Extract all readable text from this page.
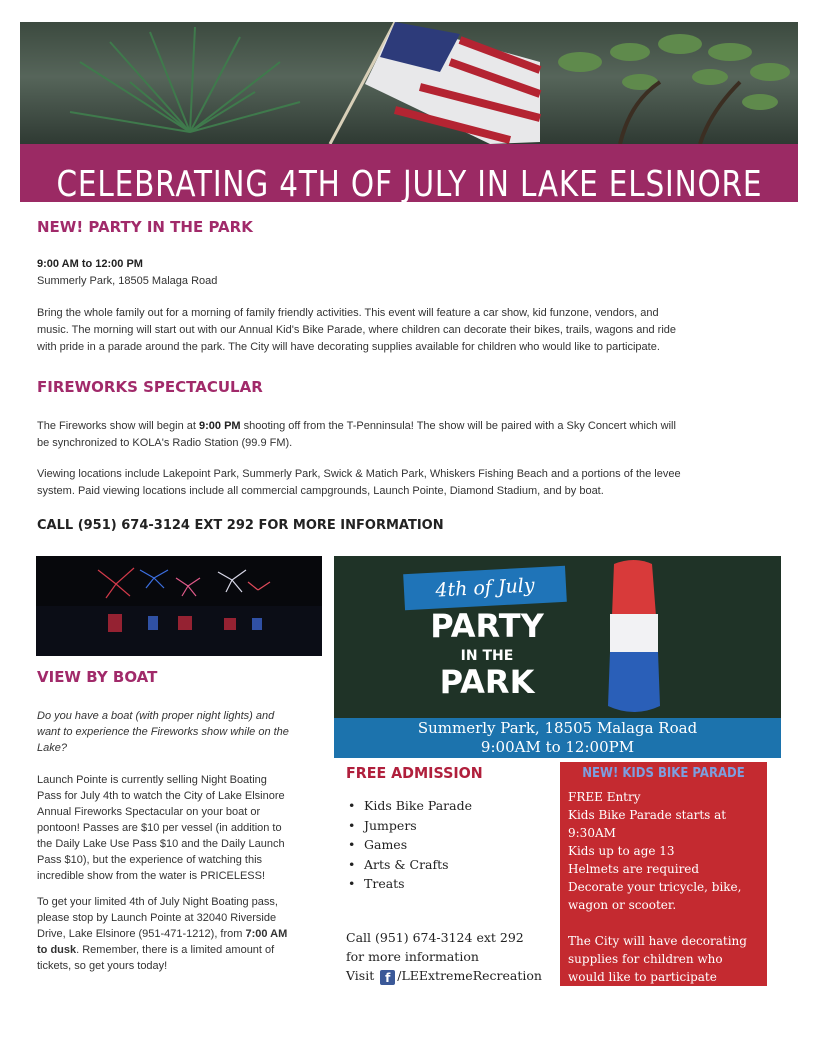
CELEBRATING 4TH OF JULY IN LAKE ELSINORE
NEW! PARTY IN THE PARK
9:00 AM to 12:00 PM
Summerly Park, 18505 Malaga Road
Bring the whole family out for a morning of family friendly activities. This event will feature a car show, kid funzone, vendors, and
music. The morning will start out with our Annual Kid's Bike Parade, where children can decorate their bikes, trails, wagons and ride
with pride in a parade around the park. The City will have decorating supplies available for children who would like to participate.
FIREWORKS SPECTACULAR
The Fireworks show will begin at 9:00 PM shooting off from the T-Penninsula! The show will be paired with a Sky Concert which will
be synchronized to KOLA's Radio Station (99.9 FM).
Viewing locations include Lakepoint Park, Summerly Park, Swick & Matich Park, Whiskers Fishing Beach and a portions of the levee
system. Paid viewing locations include all commercial campgrounds, Launch Pointe, Diamond Stadium, and by boat.
CALL (951) 674-3124 EXT 292 FOR MORE INFORMATION
VIEW BY BOAT
Do you have a boat (with proper night lights) and
want to experience the Fireworks show while on the
Lake?
Launch Pointe is currently selling Night Boating
Pass for July 4th to watch the City of Lake Elsinore
Annual Fireworks Spectacular on your boat or
pontoon! Passes are $10 per vessel (in addition to
the Daily Lake Use Pass $10 and the Daily Launch
Pass $10), but the experience of watching this
incredible show from the water is PRICELESS!
To get your limited 4th of July Night Boating pass,
please stop by Launch Pointe at 32040 Riverside
Drive, Lake Elsinore (951-471-1212), from 7:00 AM
to dusk. Remember, there is a limited amount of
tickets, so get yours today!
4th of July
PARTY
IN THE
PARK
Summerly Park, 18505 Malaga Road
9:00AM to 12:00PM
FREE ADMISSION
• Kids Bike Parade
• Jumpers
• Games
• Arts & Crafts
• Treats
Call (951) 674-3124 ext 292
for more information
Visit f /LEExtremeRecreation
NEW! KIDS BIKE PARADE
FREE Entry
Kids Bike Parade starts at
9:30AM
Kids up to age 13
Helmets are required
Decorate your tricycle, bike,
wagon or scooter.
The City will have decorating
supplies for children who
would like to participate
